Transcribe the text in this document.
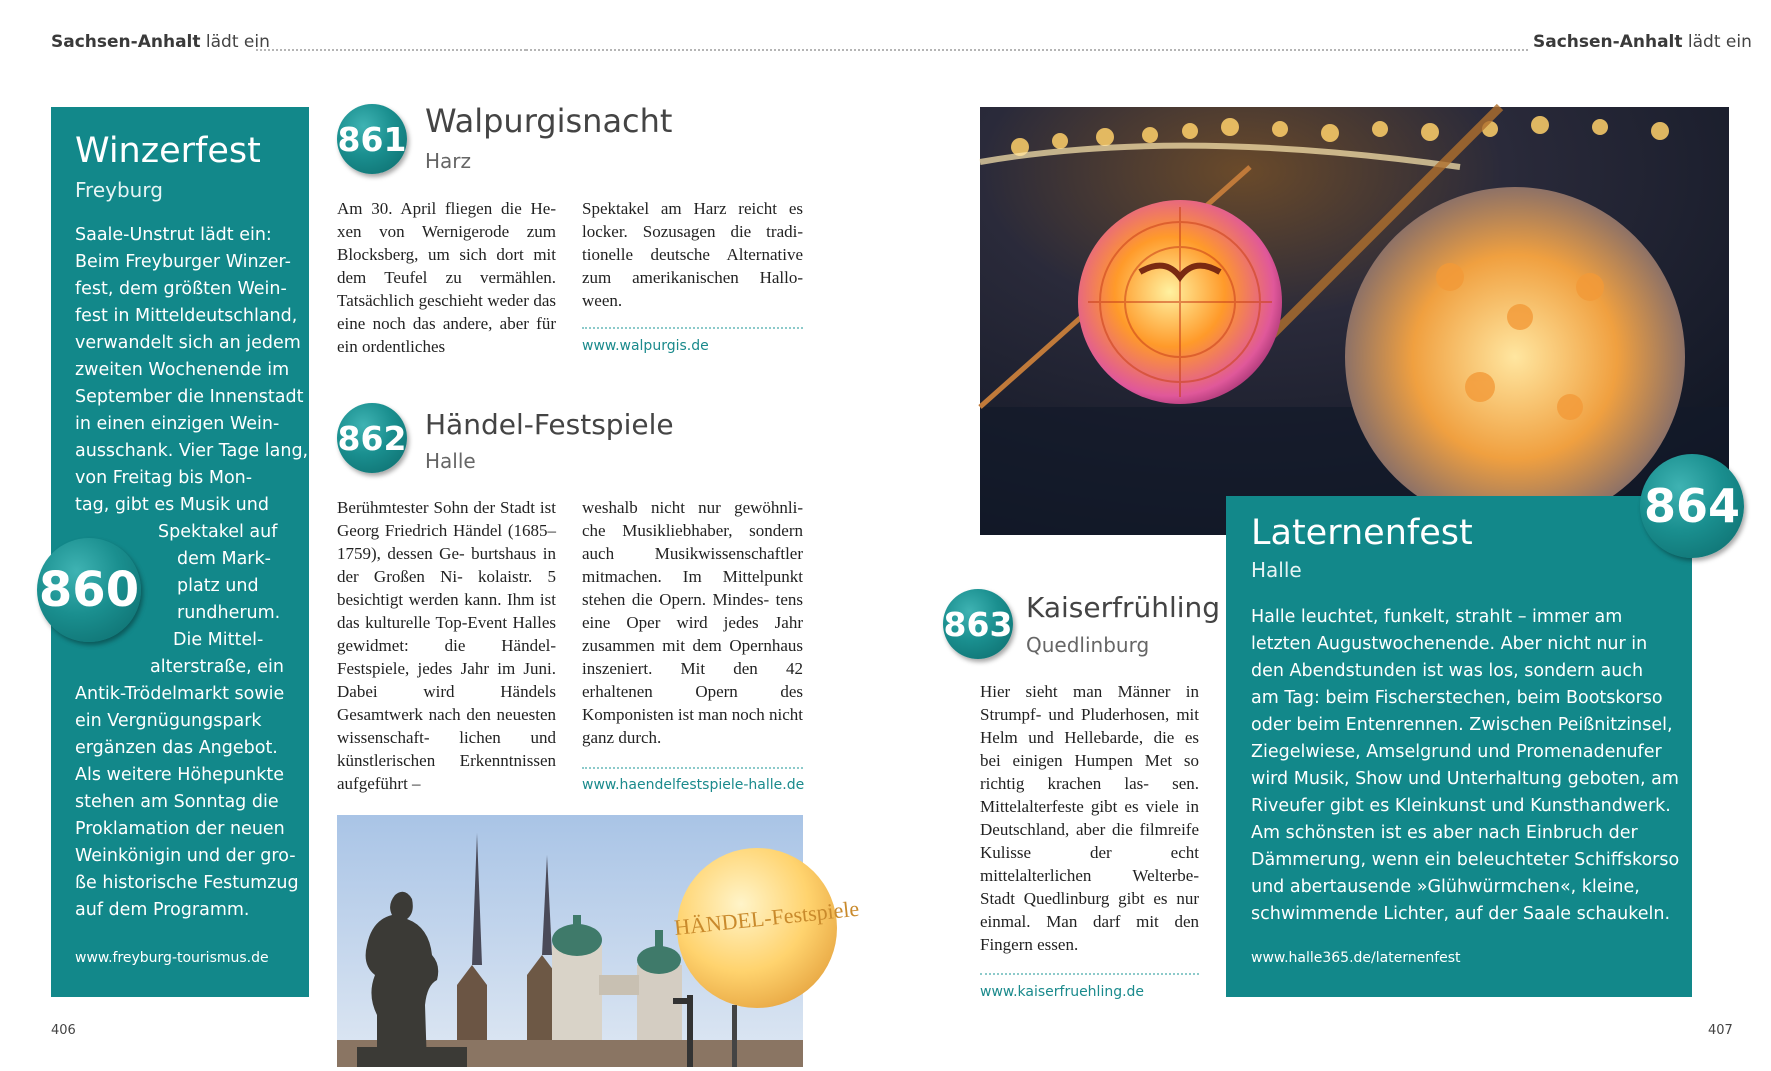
Sachsen-Anhalt lädt ein	Sachsen-Anhalt lädt ein
Winzerfest
Freyburg
Saale-Unstrut lädt ein:
Beim Freyburger Winzer-
fest, dem größten Wein-
fest in Mitteldeutschland,
verwandelt sich an jedem
zweiten Wochenende im
September die Innenstadt
in einen einzigen Wein-
ausschank. Vier Tage lang,
von Freitag bis Mon-
tag, gibt es Musik und
Spektakel auf
dem Mark-
platz und
rundherum.
Die Mittel-
alterstraße, ein
Antik-Trödelmarkt sowie
ein Vergnügungspark
ergänzen das Angebot.
Als weitere Höhepunkte
stehen am Sonntag die
Proklamation der neuen
Weinkönigin und der gro-
ße historische Festumzug
auf dem Programm.
www.freyburg-tourismus.de
860
861 Walpurgisnacht
Harz
Am 30. April fliegen die He- xen von Wernigerode zum Blocksberg, um sich dort mit dem Teufel zu vermählen. Tatsächlich geschieht weder das eine noch das andere, aber für ein ordentliches
Spektakel am Harz reicht es locker. Sozusagen die tradi- tionelle deutsche Alternative zum amerikanischen Hallo- ween.
www.walpurgis.de
862 Händel-Festspiele
Halle
Berühmtester Sohn der Stadt ist Georg Friedrich Händel (1685–1759), dessen Ge- burtshaus in der Großen Ni- kolaistr. 5 besichtigt werden kann. Ihm ist das kulturelle Top-Event Halles gewidmet: die Händel-Festspiele, jedes Jahr im Juni. Dabei wird Händels Gesamtwerk nach den neuesten wissenschaft- lichen und künstlerischen Erkenntnissen aufgeführt –
weshalb nicht nur gewöhnli- che Musikliebhaber, sondern auch Musikwissenschaftler mitmachen. Im Mittelpunkt stehen die Opern. Mindes- tens eine Oper wird jedes Jahr zusammen mit dem Opernhaus inszeniert. Mit den 42 erhaltenen Opern des Komponisten ist man noch nicht ganz durch.
www.haendelfestspiele-halle.de
HÄNDEL-Festspiele
Laternenfest
Halle
Halle leuchtet, funkelt, strahlt – immer am
letzten Augustwochenende. Aber nicht nur in
den Abendstunden ist was los, sondern auch
am Tag: beim Fischerstechen, beim Bootskorso
oder beim Entenrennen. Zwischen Peißnitzinsel,
Ziegelwiese, Amselgrund und Promenadenufer
wird Musik, Show und Unterhaltung geboten, am
Riveufer gibt es Kleinkunst und Kunsthandwerk.
Am schönsten ist es aber nach Einbruch der
Dämmerung, wenn ein beleuchteter Schiffskorso
und abertausende »Glühwürmchen«, kleine,
schwimmende Lichter, auf der Saale schaukeln.
www.halle365.de/laternenfest
864
863 Kaiserfrühling
Quedlinburg
Hier sieht man Männer in Strumpf- und Pluderhosen, mit Helm und Hellebarde, die es bei einigen Humpen Met so richtig krachen las- sen. Mittelalterfeste gibt es viele in Deutschland, aber die filmreife Kulisse der echt mittelalterlichen Welterbe- Stadt Quedlinburg gibt es nur einmal. Man darf mit den Fingern essen.
www.kaiserfruehling.de
406	407
